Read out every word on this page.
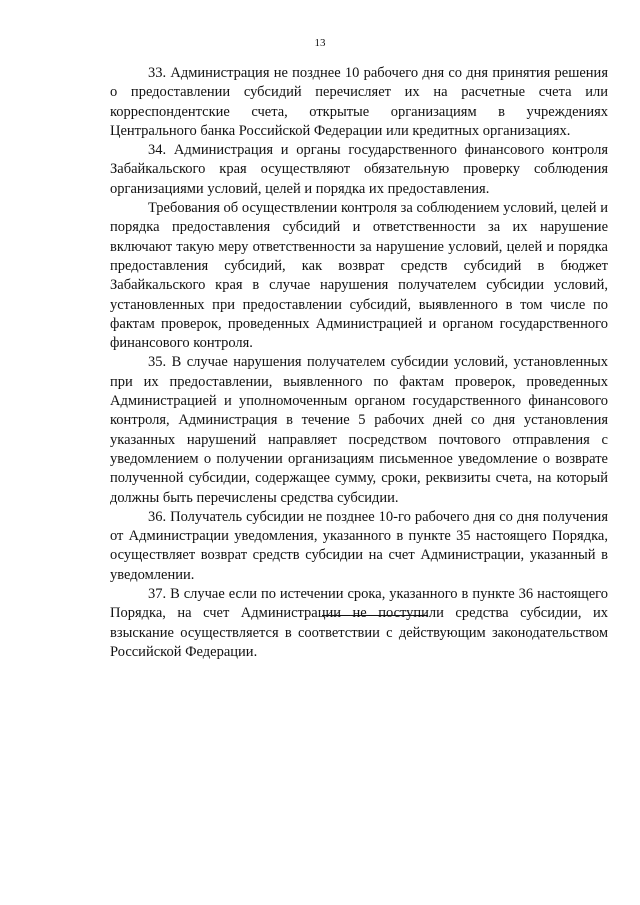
13

33. Администрация не позднее 10 рабочего дня со дня принятия решения о предоставлении субсидий перечисляет их на расчетные счета или корреспондентские счета, открытые организациям в учреждениях Центрального банка Российской Федерации или кредитных организациях.

34. Администрация и органы государственного финансового контроля Забайкальского края осуществляют обязательную проверку соблюдения организациями условий, целей и порядка их предоставления.

Требования об осуществлении контроля за соблюдением условий, целей и порядка предоставления субсидий и ответственности за их нарушение включают такую меру ответственности за нарушение условий, целей и порядка предоставления субсидий, как возврат средств субсидий в бюджет Забайкальского края в случае нарушения получателем субсидии условий, установленных при предоставлении субсидий, выявленного в том числе по фактам проверок, проведенных Администрацией и органом государственного финансового контроля.

35. В случае нарушения получателем субсидии условий, установленных при их предоставлении, выявленного по фактам проверок, проведенных Администрацией и уполномоченным органом государственного финансового контроля, Администрация в течение 5 рабочих дней со дня установления указанных нарушений направляет посредством почтового отправления с уведомлением о получении организациям письменное уведомление о возврате полученной субсидии, содержащее сумму, сроки, реквизиты счета, на который должны быть перечислены средства субсидии.

36. Получатель субсидии не позднее 10-го рабочего дня со дня получения от Администрации уведомления, указанного в пункте 35 настоящего Порядка, осуществляет возврат средств субсидии на счет Администрации, указанный в уведомлении.

37. В случае если по истечении срока, указанного в пункте 36 настоящего Порядка, на счет Администрации не поступили средства субсидии, их взыскание осуществляется в соответствии с действующим законодательством Российской Федерации.
